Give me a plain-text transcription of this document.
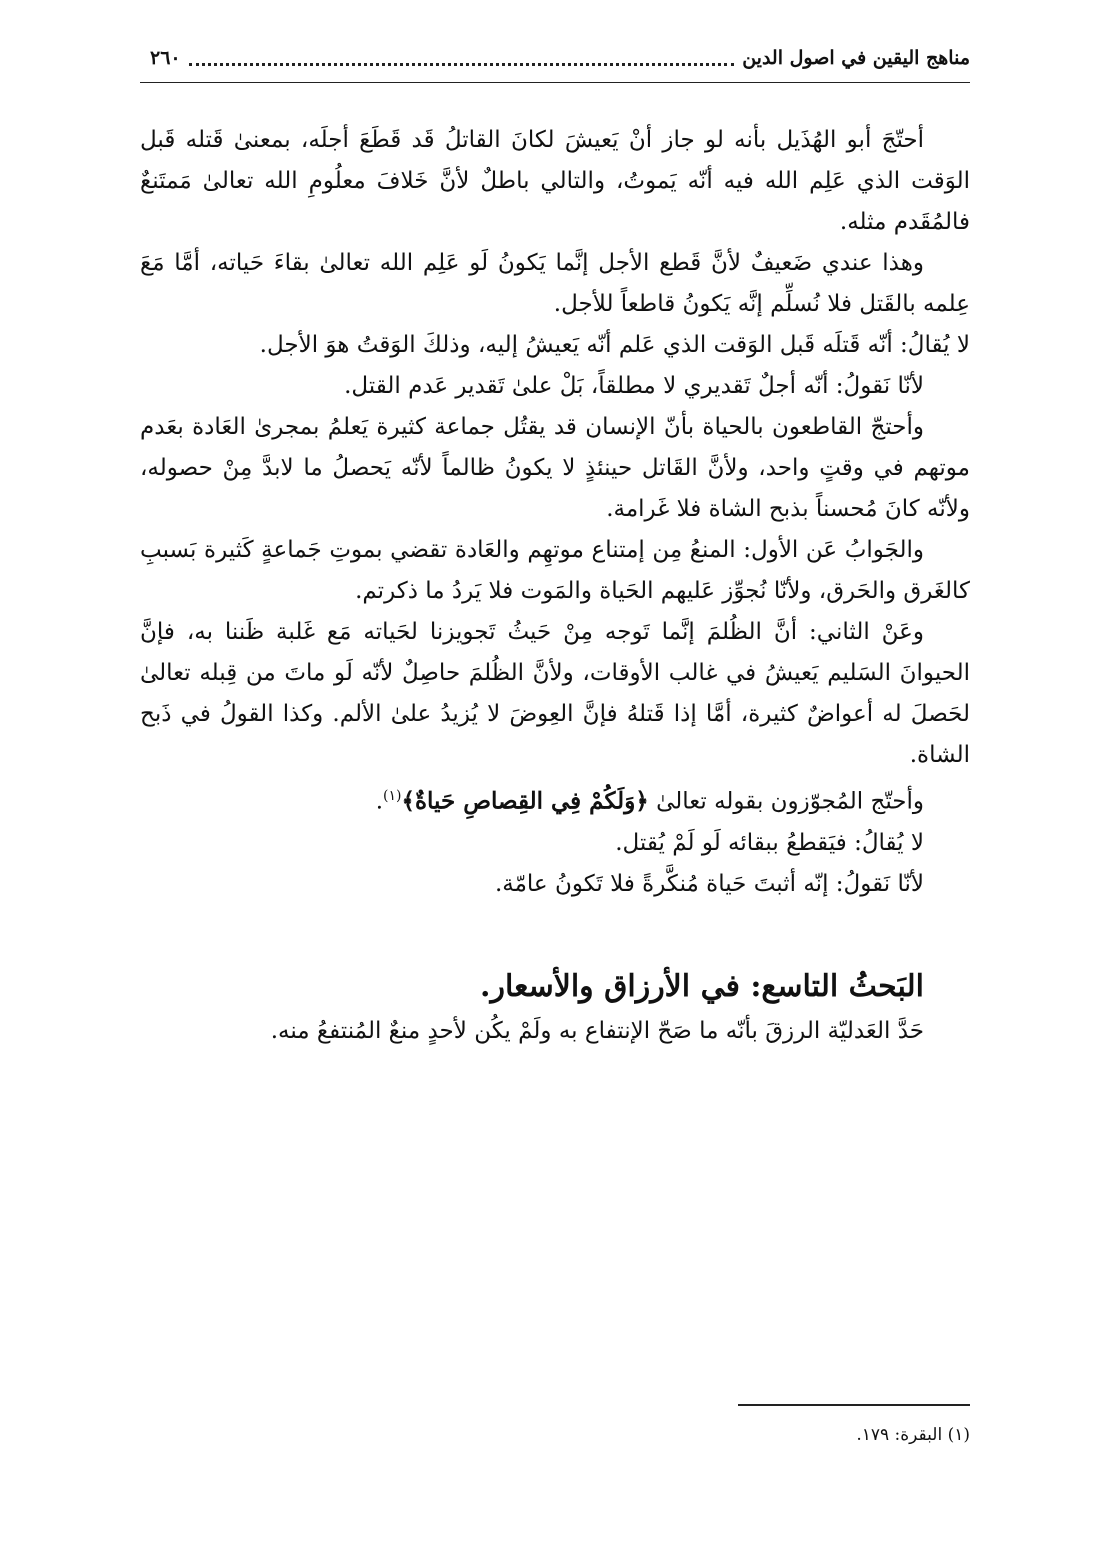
مناهج اليقين في اصول الدين
٢٦٠

أحتّجَ أبو الهُذَيل بأنه لو جاز أنْ يَعيشَ لكانَ القاتلُ قَد قَطَعَ أجلَه، بمعنىٰ قَتله قَبل الوَقت الذي عَلِم الله فيه أنّه يَموتُ، والتالي باطلٌ لأنَّ خَلافَ معلُومِ الله تعالىٰ مَمتَنعٌ فالمُقَدم مثله.

وهذا عندي ضَعيفٌ لأنَّ قَطع الأجل إنَّما يَكونُ لَو عَلِم الله تعالىٰ بقاءَ حَياته، أمَّا مَعَ عِلمه بالقَتل فلا نُسلِّم إنَّه يَكونُ قاطعاً للأجل.

لا يُقالُ: أنّه قَتلَه قَبل الوَقت الذي عَلم أنّه يَعيشُ إليه، وذلكَ الوَقتُ هوَ الأجل.

لأنّا نَقولُ: أنّه أجلٌ تَقديري لا مطلقاً، بَلْ علىٰ تَقدير عَدم القتل.

وأحتجّ القاطعون بالحياة بأنّ الإنسان قد يقتُل جماعة كثيرة يَعلمُ بمجرىٰ العَادة بعَدم موتهم في وقتٍ واحد، ولأنَّ القَاتل حينئذٍ لا يكونُ ظالماً لأنّه يَحصلُ ما لابدَّ مِنْ حصوله، ولأنّه كانَ مُحسناً بذبح الشاة فلا غَرامة.

والجَوابُ عَن الأول: المنعُ مِن إمتناع موتهِم والعَادة تقضي بموتِ جَماعةٍ كَثيرة بَسببِ كالغَرق والحَرق، ولأنّا نُجوِّز عَليهم الحَياة والمَوت فلا يَردُ ما ذكرتم.

وعَنْ الثاني: أنَّ الظُلمَ إنَّما تَوجه مِنْ حَيثُ تَجويزنا لحَياته مَع غَلبة ظَننا به، فإنَّ الحيوانَ السَليم يَعيشُ في غالب الأوقات، ولأنَّ الظُلمَ حاصِلٌ لأنّه لَو ماتَ من قِبله تعالىٰ لحَصلَ له أعواضٌ كثيرة، أمَّا إذا قَتلهُ فإنَّ العِوضَ لا يُزيدُ علىٰ الألم. وكذا القولُ في ذَبح الشاة.

وأحتّج المُجوّزون بقوله تعالىٰ ﴿وَلَكُمْ فِي القِصاصِ حَياةٌ﴾$^{(١)}$.

لا يُقالُ: فيَقطعُ ببقائه لَو لَمْ يُقتل.

لأنّا نَقولُ: إنّه أثبتَ حَياة مُنكَّرةً فلا تَكونُ عامّة.

البَحثُ التاسع: في الأرزاق والأسعار.

حَدَّ العَدليّة الرزقَ بأنّه ما صَحّ الإنتفاع به ولَمْ يكُن لأحدٍ منعٌ المُنتفعُ منه.

(١) البقرة: ١٧٩.
